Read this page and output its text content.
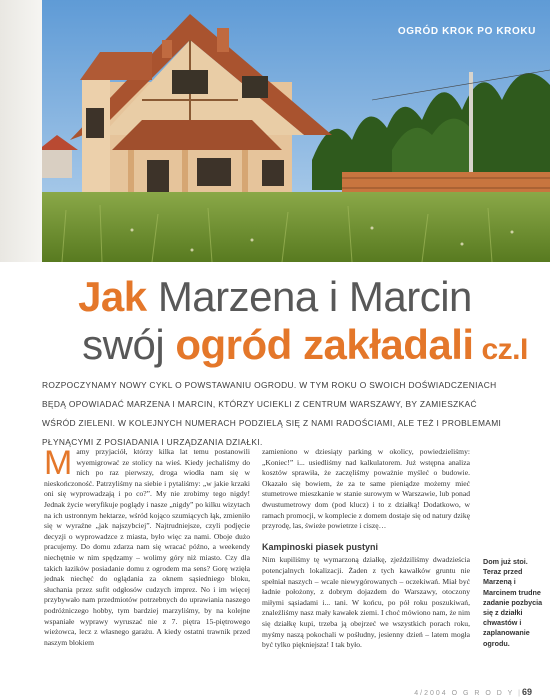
OGRÓD KROK PO KROKU
Jak Marzena i Marcin
swój ogród zakładali cz.I

ROZPOCZYNAMY NOWY CYKL O POWSTAWANIU OGRODU. W TYM ROKU O SWOICH DOŚWIADCZENIACH BĘDĄ OPOWIADAĆ MARZENA I MARCIN, KTÓRZY UCIEKLI Z CENTRUM WARSZAWY, BY ZAMIESZKAĆ WŚRÓD ZIELENI. W KOLEJNYCH NUMERACH PODZIELĄ SIĘ Z NAMI RADOŚCIAMI, ALE TEŻ I PROBLEMAMI PŁYNĄCYMI Z POSIADANIA I URZĄDZANIA DZIAŁKI.

Mamy przyjaciół, którzy kilka lat temu postanowili wyemigrować ze stolicy na wieś. Kiedy jechaliśmy do nich po raz pierwszy, droga wiodła nam się w nieskończoność. Patrzyliśmy na siebie i pytaliśmy: „w jakie krzaki oni się wyprowadzają i po co?”. My nie zrobimy tego nigdy! Jednak życie weryfikuje poglądy i nasze „nigdy” po kilku wizytach na ich ustronnym hektarze, wśród kojąco szumiących łąk, zmieniło się w wyraźne „jak najszybciej”. Najtrudniejsze, czyli podjęcie decyzji o wyprowadzce z miasta, było więc za nami. Oboje dużo pracujemy. Do domu zdarza nam się wracać późno, a weekendy niechętnie w nim spędzamy – wolimy góry niż miasto. Czy dla takich łazików posiadanie domu z ogrodem ma sens? Gorę wzięła jednak niechęć do oglądania za oknem sąsiedniego bloku, słuchania przez sufit odgłosów cudzych imprez. No i im więcej przybywało nam przedmiotów potrzebnych do uprawiania naszego podróżniczego hobby, tym bardziej marzyliśmy, by na kolejne wspaniałe wyprawy wyruszać nie z 7. piętra 15-piętrowego wieżowca, lecz z własnego garażu. A kiedy ostatni trawnik przed naszym blokiem

zamieniono w dziesiąty parking w okolicy, powiedzieliśmy: „Koniec!” i... usiedliśmy nad kalkulatorem. Już wstępna analiza kosztów sprawiła, że zaczęliśmy poważnie myśleć o budowie. Okazało się bowiem, że za te same pieniądze możemy mieć stumetrowe mieszkanie w stanie surowym w Warszawie, lub ponad dwustumetrowy dom (pod klucz) i to z działką! Dodatkowo, w ramach promocji, w komplecie z domem dostaje się od natury dzikę przyrodę, las, świeże powietrze i ciszę…

Kampinoski piasek pustyni

Nim kupiliśmy tę wymarzoną działkę, zjeździliśmy dwadzieścia potencjalnych lokalizacji. Żaden z tych kawałków gruntu nie spełniał naszych – wcale niewygórowanych – oczekiwań. Miał być ładnie położony, z dobrym dojazdem do Warszawy, otoczony miłymi sąsiadami i... tani. W końcu, po pół roku poszukiwań, znaleźliśmy nasz mały kawałek ziemi. I choć mówiono nam, że nim się działkę kupi, trzeba ją obejrzeć we wszystkich porach roku, myśmy naszą pokochali w pośłudny, jesienny dzień – latem mogła być tylko piękniejsza! I tak było.

Dom już stoi. Teraz przed Marzeną i Marcinem trudne zadanie pozbycia się z działki chwastów i zaplanowanie ogrodu.

4/2004 O G R O D Y |69
